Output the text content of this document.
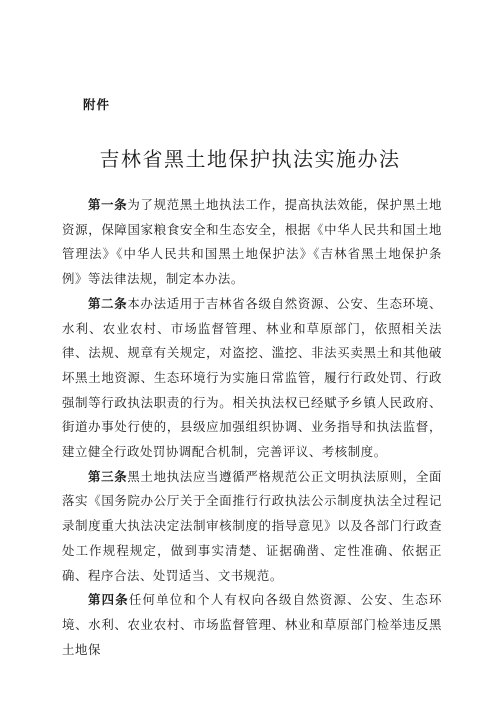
附件
吉林省黑土地保护执法实施办法

第一条为了规范黑土地执法工作，提高执法效能，保护黑土地资源，保障国家粮食安全和生态安全，根据《中华人民共和国土地管理法》《中华人民共和国黑土地保护法》《吉林省黑土地保护条例》等法律法规，制定本办法。

第二条本办法适用于吉林省各级自然资源、公安、生态环境、水利、农业农村、市场监督管理、林业和草原部门，依照相关法律、法规、规章有关规定，对盗挖、滥挖、非法买卖黑土和其他破坏黑土地资源、生态环境行为实施日常监管，履行行政处罚、行政强制等行政执法职责的行为。相关执法权已经赋予乡镇人民政府、街道办事处行使的，县级应加强组织协调、业务指导和执法监督，建立健全行政处罚协调配合机制，完善评议、考核制度。

第三条黑土地执法应当遵循严格规范公正文明执法原则，全面落实《国务院办公厅关于全面推行行政执法公示制度执法全过程记录制度重大执法决定法制审核制度的指导意见》以及各部门行政查处工作规程规定，做到事实清楚、证据确凿、定性准确、依据正确、程序合法、处罚适当、文书规范。

第四条任何单位和个人有权向各级自然资源、公安、生态环境、水利、农业农村、市场监督管理、林业和草原部门检举违反黑土地保
